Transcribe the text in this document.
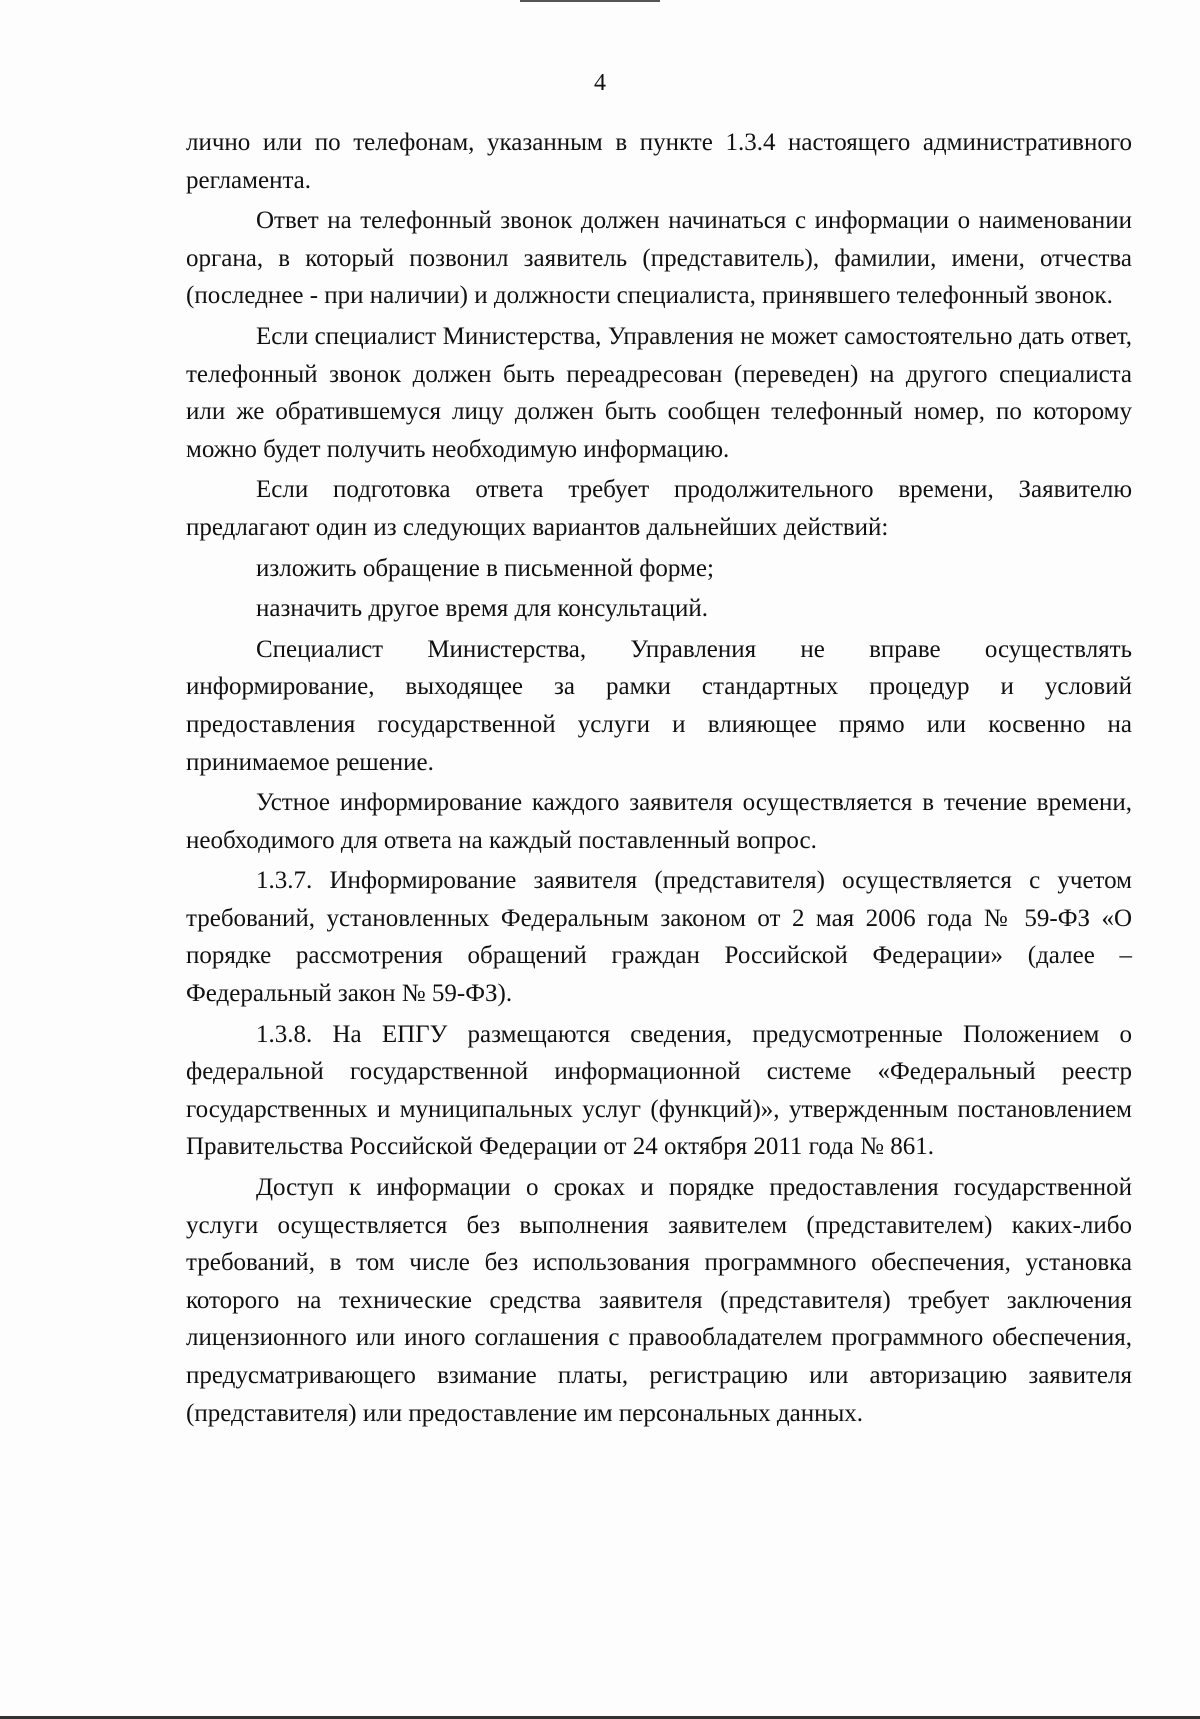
4

лично или по телефонам, указанным в пункте 1.3.4 настоящего административного регламента.

Ответ на телефонный звонок должен начинаться с информации о наименовании органа, в который позвонил заявитель (представитель), фамилии, имени, отчества (последнее - при наличии) и должности специалиста, принявшего телефонный звонок.

Если специалист Министерства, Управления не может самостоятельно дать ответ, телефонный звонок должен быть переадресован (переведен) на другого специалиста или же обратившемуся лицу должен быть сообщен телефонный номер, по которому можно будет получить необходимую информацию.

Если подготовка ответа требует продолжительного времени, Заявителю предлагают один из следующих вариантов дальнейших действий:

изложить обращение в письменной форме;

назначить другое время для консультаций.

Специалист Министерства, Управления не вправе осуществлять информирование, выходящее за рамки стандартных процедур и условий предоставления государственной услуги и влияющее прямо или косвенно на принимаемое решение.

Устное информирование каждого заявителя осуществляется в течение времени, необходимого для ответа на каждый поставленный вопрос.

1.3.7. Информирование заявителя (представителя) осуществляется с учетом требований, установленных Федеральным законом от 2 мая 2006 года № 59-ФЗ «О порядке рассмотрения обращений граждан Российской Федерации» (далее – Федеральный закон № 59-ФЗ).

1.3.8. На ЕПГУ размещаются сведения, предусмотренные Положением о федеральной государственной информационной системе «Федеральный реестр государственных и муниципальных услуг (функций)», утвержденным постановлением Правительства Российской Федерации от 24 октября 2011 года № 861.

Доступ к информации о сроках и порядке предоставления государственной услуги осуществляется без выполнения заявителем (представителем) каких-либо требований, в том числе без использования программного обеспечения, установка которого на технические средства заявителя (представителя) требует заключения лицензионного или иного соглашения с правообладателем программного обеспечения, предусматривающего взимание платы, регистрацию или авторизацию заявителя (представителя) или предоставление им персональных данных.
